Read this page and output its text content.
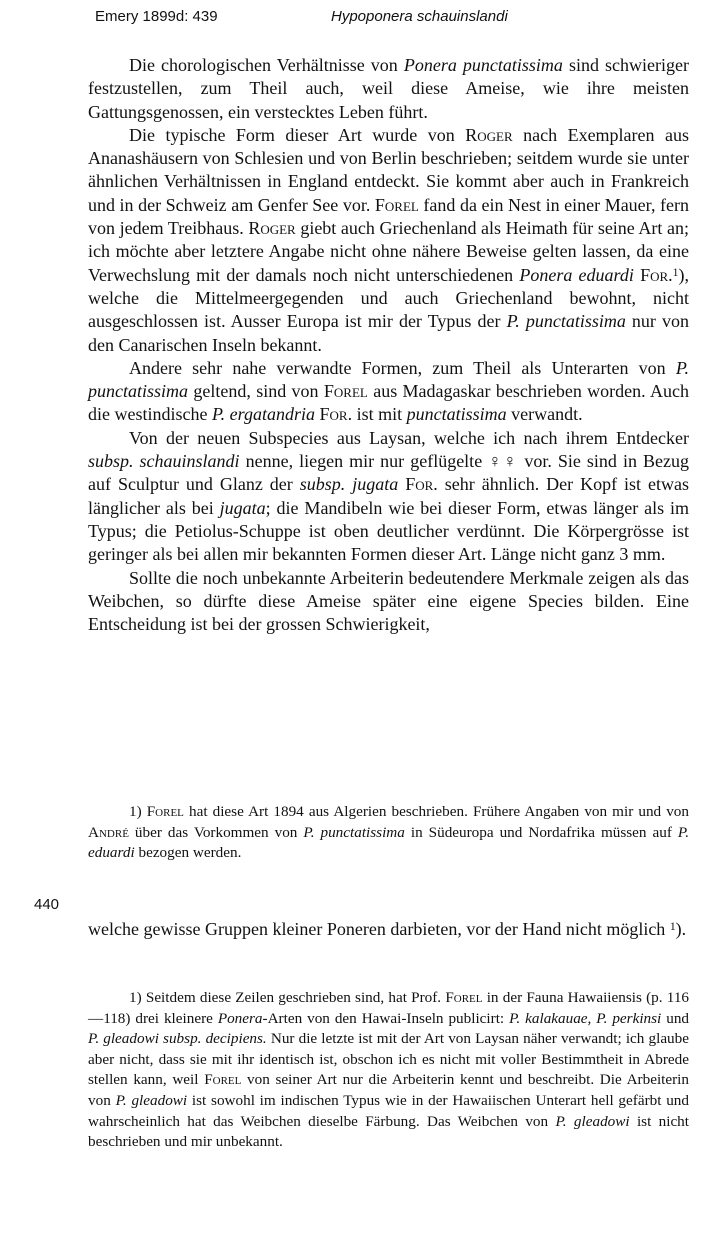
Emery 1899d: 439	Hypoponera schauinslandi

Die chorologischen Verhältnisse von Ponera punctatissima sind schwieriger festzustellen, zum Theil auch, weil diese Ameise, wie ihre meisten Gattungsgenossen, ein verstecktes Leben führt.

Die typische Form dieser Art wurde von Roger nach Exemplaren aus Ananashäusern von Schlesien und von Berlin beschrieben; seitdem wurde sie unter ähnlichen Verhältnissen in England entdeckt. Sie kommt aber auch in Frankreich und in der Schweiz am Genfer See vor. Forel fand da ein Nest in einer Mauer, fern von jedem Treibhaus. Roger giebt auch Griechenland als Heimath für seine Art an; ich möchte aber letztere Angabe nicht ohne nähere Beweise gelten lassen, da eine Verwechslung mit der damals noch nicht unterschiedenen Ponera eduardi For.$^1$), welche die Mittelmeergegenden und auch Griechenland bewohnt, nicht ausgeschlossen ist. Ausser Europa ist mir der Typus der P. punctatissima nur von den Canarischen Inseln bekannt.

Andere sehr nahe verwandte Formen, zum Theil als Unterarten von P. punctatissima geltend, sind von Forel aus Madagaskar beschrieben worden. Auch die westindische P. ergatandria For. ist mit punctatissima verwandt.

Von der neuen Subspecies aus Laysan, welche ich nach ihrem Entdecker subsp. schauinslandi nenne, liegen mir nur geflügelte ♀♀ vor. Sie sind in Bezug auf Sculptur und Glanz der subsp. jugata For. sehr ähnlich. Der Kopf ist etwas länglicher als bei jugata; die Mandibeln wie bei dieser Form, etwas länger als im Typus; die Petiolus-Schuppe ist oben deutlicher verdünnt. Die Körpergrösse ist geringer als bei allen mir bekannten Formen dieser Art. Länge nicht ganz 3 mm.

Sollte die noch unbekannte Arbeiterin bedeutendere Merkmale zeigen als das Weibchen, so dürfte diese Ameise später eine eigene Species bilden. Eine Entscheidung ist bei der grossen Schwierigkeit,

1) Forel hat diese Art 1894 aus Algerien beschrieben. Frühere Angaben von mir und von André über das Vorkommen von P. punctatissima in Südeuropa und Nordafrika müssen auf P. eduardi bezogen werden.

440

welche gewisse Gruppen kleiner Poneren darbieten, vor der Hand nicht möglich $^1$).

1) Seitdem diese Zeilen geschrieben sind, hat Prof. Forel in der Fauna Hawaiiensis (p. 116—118) drei kleinere Ponera-Arten von den Hawai-Inseln publicirt: P. kalakauae, P. perkinsi und P. gleadowi subsp. decipiens. Nur die letzte ist mit der Art von Laysan näher verwandt; ich glaube aber nicht, dass sie mit ihr identisch ist, obschon ich es nicht mit voller Bestimmtheit in Abrede stellen kann, weil Forel von seiner Art nur die Arbeiterin kennt und beschreibt. Die Arbeiterin von P. gleadowi ist sowohl im indischen Typus wie in der Hawaiischen Unterart hell gefärbt und wahrscheinlich hat das Weibchen dieselbe Färbung. Das Weibchen von P. gleadowi ist nicht beschrieben und mir unbekannt.
